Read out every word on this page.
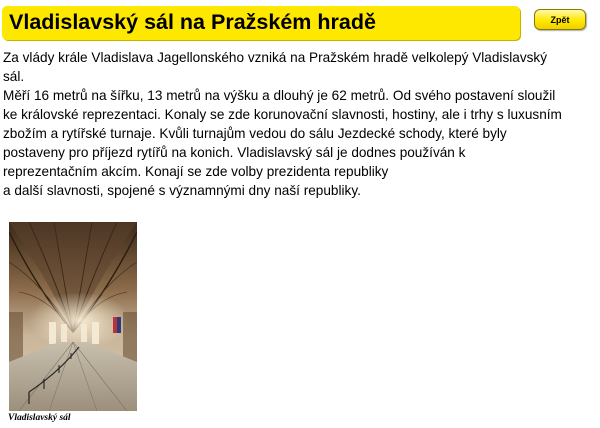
Vladislavský sál na Pražském hradě	Zpět

Za vlády krále Vladislava Jagellonského vzniká na Pražském hradě velkolepý Vladislavský sál.

Měří 16 metrů na šířku, 13 metrů na výšku a dlouhý je 62 metrů. Od svého postavení sloužil ke královské reprezentaci. Konaly se zde korunovační slavnosti, hostiny, ale i trhy s luxusním zbožím a rytířské turnaje. Kvůli turnajům vedou do sálu Jezdecké schody, které byly postaveny pro příjezd rytířů na konich. Vladislavský sál je dodnes používán k reprezentačním akcím. Konají se zde volby prezidenta republiky

a další slavnosti, spojené s významnými dny naší republiky.

Vladislavský sál
